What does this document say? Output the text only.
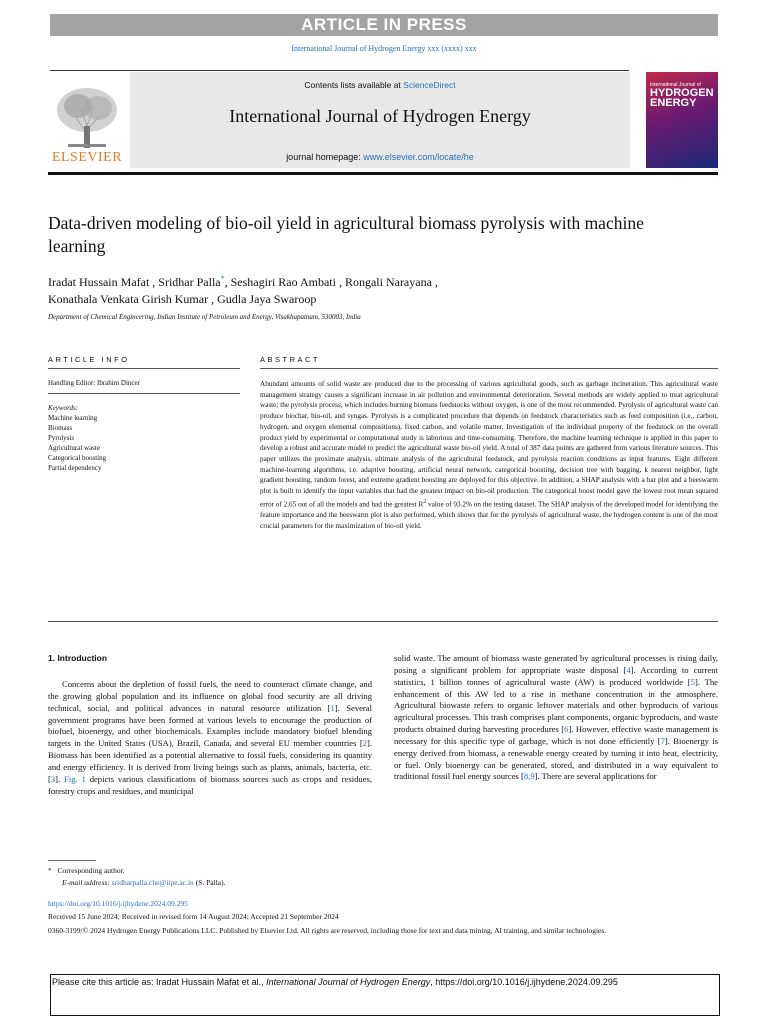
ARTICLE IN PRESS
International Journal of Hydrogen Energy xxx (xxxx) xxx
ELSEVIER
Contents lists available at ScienceDirect
International Journal of Hydrogen Energy
journal homepage: www.elsevier.com/locate/he
International Journal of
HYDROGEN
ENERGY
Data-driven modeling of bio-oil yield in agricultural biomass pyrolysis with machine learning
Iradat Hussain Mafat , Sridhar Palla*, Seshagiri Rao Ambati , Rongali Narayana ,
Konathala Venkata Girish Kumar , Gudla Jaya Swaroop
Department of Chemical Engineering, Indian Institute of Petroleum and Energy, Visakhapatnam, 530003, India
ARTICLE INFO	ABSTRACT
Handling Editor: Ibrahim Dincer
Keywords:
Machine learning
Biomass
Pyrolysis
Agricultural waste
Categorical boosting
Partial dependency
Abundant amounts of solid waste are produced due to the processing of various agricultural goods, such as garbage incineration. This agricultural waste management strategy causes a significant increase in air pollution and environmental deterioration. Several methods are widely applied to treat agricultural waste; the pyrolysis process, which includes burning biomass feedstocks without oxygen, is one of the most recommended. Pyrolysis of agricultural waste can produce biochar, bio-oil, and syngas. Pyrolysis is a complicated procedure that depends on feedstock characteristics such as feed composition (i.e., carbon, hydrogen, and oxygen elemental compositions), fixed carbon, and volatile matter. Investigation of the individual property of the feedstock on the overall product yield by experimental or computational study is laborious and time-consuming. Therefore, the machine learning technique is applied in this paper to develop a robust and accurate model to predict the agricultural waste bio-oil yield. A total of 387 data points are gathered from various literature sources. This paper utilizes the proximate analysis, ultimate analysis of the agricultural feedstock, and pyrolysis reaction conditions as input features. Eight different machine-learning algorithms, i.e. adaptive boosting, artificial neural network, categorical boosting, decision tree with bagging, k nearest neighbor, light gradient boosting, random forest, and extreme gradient boosting are deployed for this objective. In addition, a SHAP analysis with a bar plot and a beeswarm plot is built to identify the input variables that had the greatest impact on bio-oil production. The categorical boost model gave the lowest root mean squared error of 2.65 out of all the models and had the greatest $R^2$ value of 93.2% on the testing dataset. The SHAP analysis of the developed model for identifying the feature importance and the beeswarm plot is also performed, which shows that for the pyrolysis of agricultural waste, the hydrogen content is one of the most crucial parameters for the maximization of bio-oil yield.
1. Introduction
Concerns about the depletion of fossil fuels, the need to counteract climate change, and the growing global population and its influence on global food security are all driving technical, social, and political advances in natural resource utilization [1]. Several government programs have been formed at various levels to encourage the production of biofuel, bioenergy, and other biochemicals. Examples include mandatory biofuel blending targets in the United States (USA), Brazil, Canada, and several EU member countries [2]. Biomass has been identified as a potential alternative to fossil fuels, considering its quantity and energy efficiency. It is derived from living beings such as plants, animals, bacteria, etc. [3]. Fig. 1 depicts various classifications of biomass sources such as crops and residues, forestry crops and residues, and municipal
solid waste. The amount of biomass waste generated by agricultural processes is rising daily, posing a significant problem for appropriate waste disposal [4]. According to current statistics, 1 billion tonnes of agricultural waste (AW) is produced worldwide [5]. The enhancement of this AW led to a rise in methane concentration in the atmosphere. Agricultural biowaste refers to organic leftover materials and other byproducts of various agricultural processes. This trash comprises plant components, organic byproducts, and waste products obtained during harvesting procedures [6]. However, effective waste management is necessary for this specific type of garbage, which is not done efficiently [7]. Bioenergy is energy derived from biomass, a renewable energy created by turning it into heat, electricity, or fuel. Only bioenergy can be generated, stored, and distributed in a way equivalent to traditional fossil fuel energy sources [8,9]. There are several applications for
* Corresponding author.
E-mail address: sridharpalla.che@iipe.ac.in (S. Palla).
https://doi.org/10.1016/j.ijhydene.2024.09.295
Received 15 June 2024; Received in revised form 14 August 2024; Accepted 21 September 2024
0360-3199/© 2024 Hydrogen Energy Publications LLC. Published by Elsevier Ltd. All rights are reserved, including those for text and data mining, AI training, and similar technologies.
Please cite this article as: Iradat Hussain Mafat et al., International Journal of Hydrogen Energy, https://doi.org/10.1016/j.ijhydene.2024.09.295
